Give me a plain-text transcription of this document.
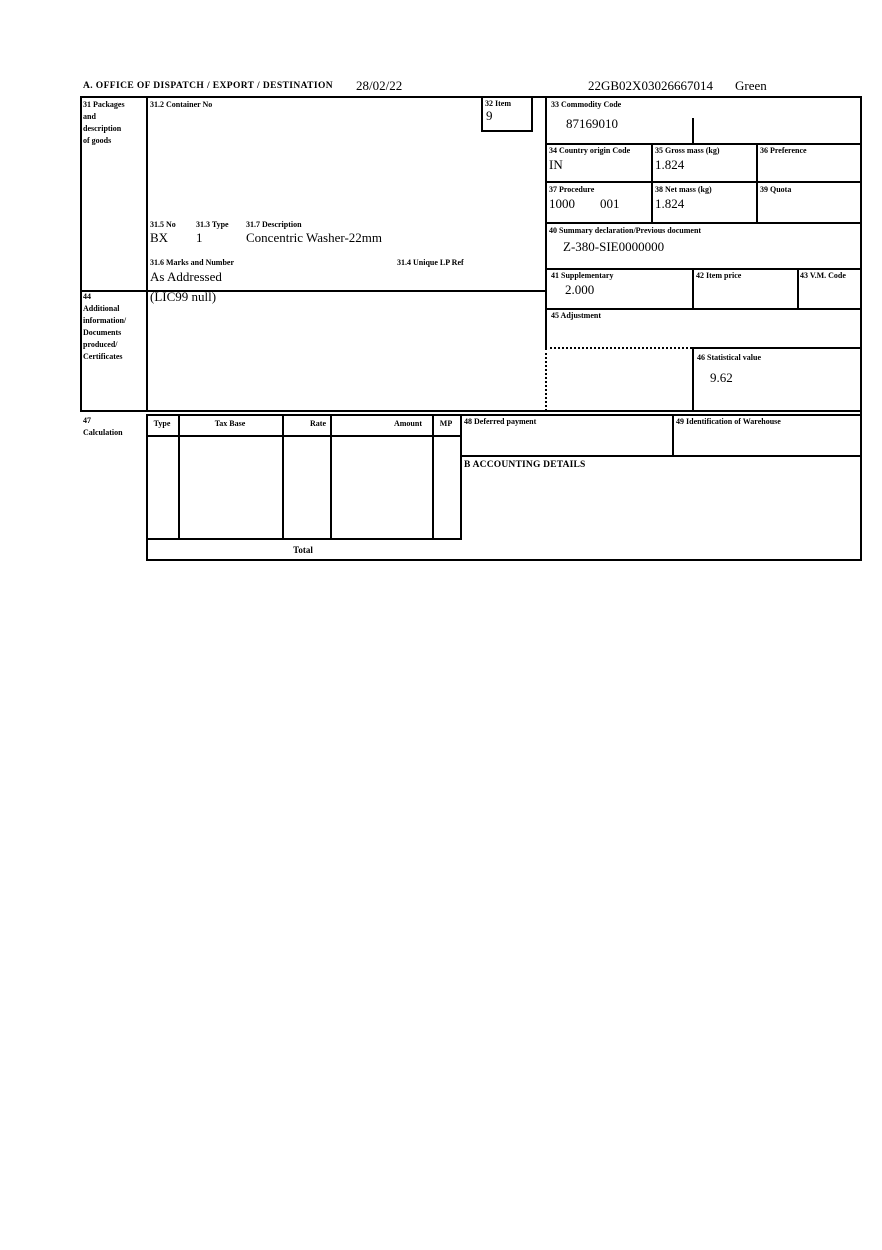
A. OFFICE OF DISPATCH / EXPORT / DESTINATION 28/02/22	22GB02X03026667014 Green
31 Packages
and
description
of goods
31.2 Container No	32 Item
9
33 Commodity Code
87169010
34 Country origin Code
IN
35 Gross mass (kg)
1.824
36 Preference
37 Procedure
1000 001
38 Net mass (kg)
1.824
39 Quota
31.5 No	31.3 Type 31.7 Description
BX 1	Concentric Washer-22mm
31.6 Marks and Number	31.4 Unique LP Ref
As Addressed
40 Summary declaration/Previous document
Z-380-SIE0000000
41 Supplementary
2.000
42 Item price	43 V.M. Code
44
Additional
information/
Documents
produced/
Certificates
(LIC99 null)
45 Adjustment
46 Statistical value
9.62
47
Calculation
Type	Tax Base	Rate	Amount	MP	48 Deferred payment	49 Identification of Warehouse
B ACCOUNTING DETAILS
Total
